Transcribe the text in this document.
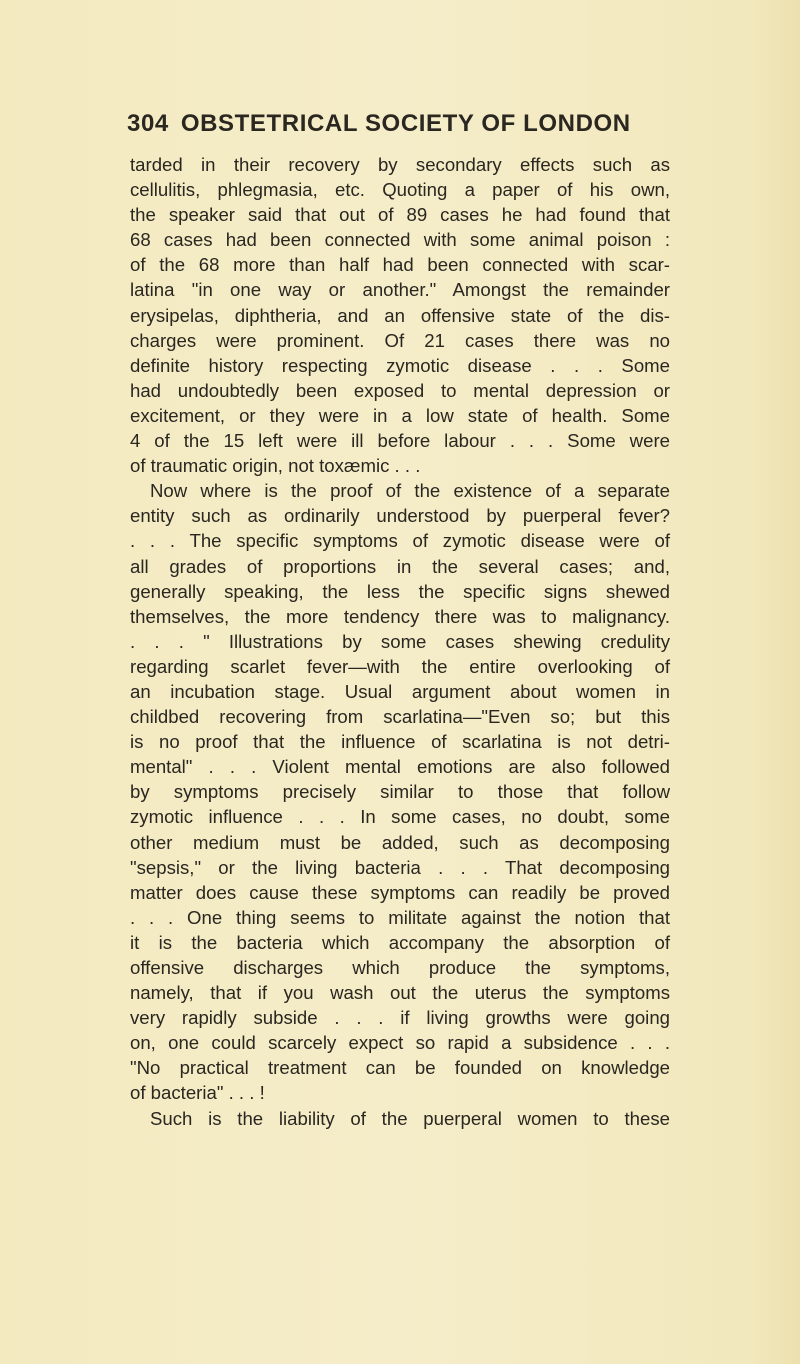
304 OBSTETRICAL SOCIETY OF LONDON
tarded in their recovery by secondary effects such as
cellulitis, phlegmasia, etc. Quoting a paper of his own,
the speaker said that out of 89 cases he had found that
68 cases had been connected with some animal poison :
of the 68 more than half had been connected with scar-
latina "in one way or another." Amongst the remainder
erysipelas, diphtheria, and an offensive state of the dis-
charges were prominent. Of 21 cases there was no
definite history respecting zymotic disease . . . Some
had undoubtedly been exposed to mental depression or
excitement, or they were in a low state of health. Some
4 of the 15 left were ill before labour . . . Some were
of traumatic origin, not toxæmic . . .
Now where is the proof of the existence of a separate
entity such as ordinarily understood by puerperal fever?
. . . The specific symptoms of zymotic disease were of
all grades of proportions in the several cases; and,
generally speaking, the less the specific signs shewed
themselves, the more tendency there was to malignancy.
. . . " Illustrations by some cases shewing credulity
regarding scarlet fever—with the entire overlooking of
an incubation stage. Usual argument about women in
childbed recovering from scarlatina—"Even so; but this
is no proof that the influence of scarlatina is not detri-
mental" . . . Violent mental emotions are also followed
by symptoms precisely similar to those that follow
zymotic influence . . . In some cases, no doubt, some
other medium must be added, such as decomposing
"sepsis," or the living bacteria . . . That decomposing
matter does cause these symptoms can readily be proved
. . . One thing seems to militate against the notion that
it is the bacteria which accompany the absorption of
offensive discharges which produce the symptoms,
namely, that if you wash out the uterus the symptoms
very rapidly subside . . . if living growths were going
on, one could scarcely expect so rapid a subsidence . . .
"No practical treatment can be founded on knowledge
of bacteria" . . . !
Such is the liability of the puerperal women to these
